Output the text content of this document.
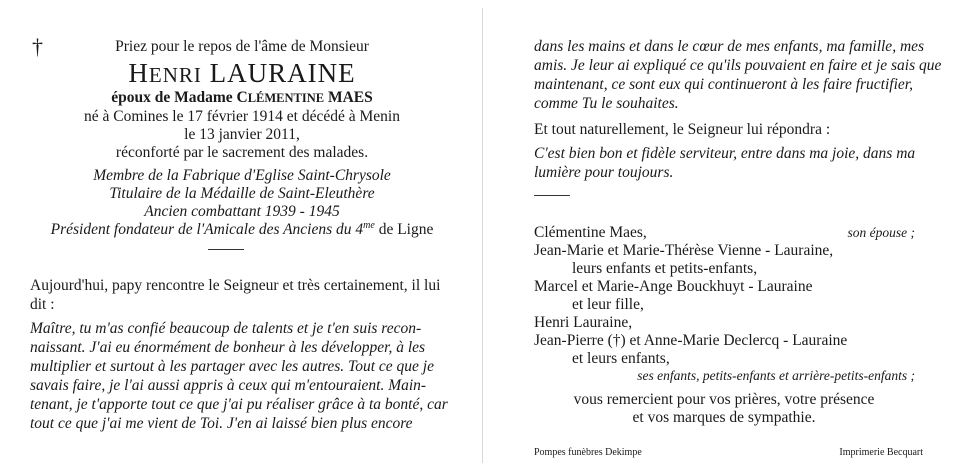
†	Priez pour le repos de l'âme de Monsieur
HENRI LAURAINE
époux de Madame CLÉMENTINE MAES
né à Comines le 17 février 1914 et décédé à Menin
le 13 janvier 2011,
réconforté par le sacrement des malades.
Membre de la Fabrique d'Eglise Saint-Chrysole
Titulaire de la Médaille de Saint-Eleuthère
Ancien combattant 1939 - 1945
Président fondateur de l'Amicale des Anciens du $4^{me}$ de Ligne
Aujourd'hui, papy rencontre le Seigneur et très certainement, il lui
dit :
Maître, tu m'as confié beaucoup de talents et je t'en suis recon-
naissant. J'ai eu énormément de bonheur à les développer, à les
multiplier et surtout à les partager avec les autres. Tout ce que je
savais faire, je l'ai aussi appris à ceux qui m'entouraient. Main-
tenant, je t'apporte tout ce que j'ai pu réaliser grâce à ta bonté, car
tout ce que j'ai me vient de Toi. J'en ai laissé bien plus encore
dans les mains et dans le cœur de mes enfants, ma famille, mes
amis. Je leur ai expliqué ce qu'ils pouvaient en faire et je sais que
maintenant, ce sont eux qui continueront à les faire fructifier,
comme Tu le souhaites.
Et tout naturellement, le Seigneur lui répondra :
C'est bien bon et fidèle serviteur, entre dans ma joie, dans ma
lumière pour toujours.
Clémentine Maes,	son épouse ;
Jean-Marie et Marie-Thérèse Vienne - Lauraine,
leurs enfants et petits-enfants,
Marcel et Marie-Ange Bouckhuyt - Lauraine
et leur fille,
Henri Lauraine,
Jean-Pierre (†) et Anne-Marie Declercq - Lauraine
et leurs enfants,
ses enfants, petits-enfants et arrière-petits-enfants ;
vous remercient pour vos prières, votre présence
et vos marques de sympathie.
Pompes funèbres Dekimpe	Imprimerie Becquart
